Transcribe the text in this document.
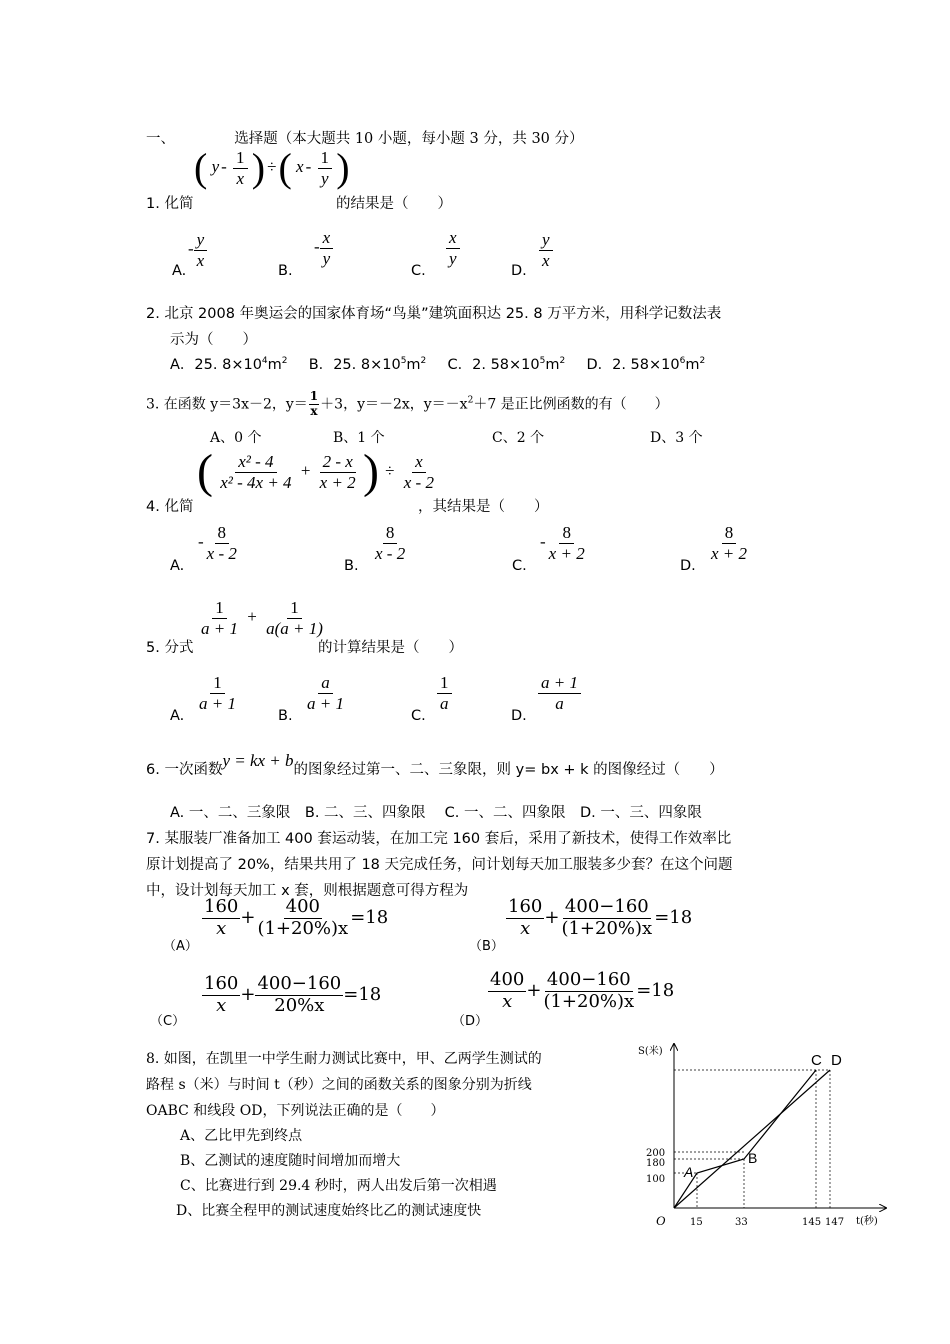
一、	选择题（本大题共 10 小题，每小题 3 分，共 30 分）
1. 化简
( y - $\frac{1}{x}$ ) ÷( x - $\frac{1}{y}$ )
的结果是（　　）
A.
- $\frac{y}{x}$
B.
- $\frac{x}{y}$
C.
$\frac{x}{y}$
D.
$\frac{y}{x}$
2. 北京 2008 年奥运会的国家体育场“鸟巢”建筑面积达 25. 8 万平方米，用科学记数法表
示为（　　）
A．25. $8\times 10^4m^2$ B．25. $8\times 10^5m^2$ C．2. $58\times 10^5m^2$ D．2. $58\times 10^6m^2$
3. 在函数 y＝3x－2，$y= \frac{1}{x} +3$，y＝－2x，$y=-x^2+7$ 是正比例函数的有（　　）
A、0 个	B、1 个	C、2 个	D、3 个
4. 化简
( $\frac{\text{x² - 4}}{\text{x² - 4x + 4}} + \frac{2 - x}{x + 2}$ ) ÷ $\frac{x}{x - 2}$
，其结果是（　　）
A.
- $\frac{8}{x - 2}$
B.
$\frac{8}{x - 2}$
C.
- $\frac{8}{x + 2}$
D.
$\frac{8}{x + 2}$
5. 分式
$\frac{1}{a + 1} + \frac{1}{a(a + 1)}$
的计算结果是（　　）
A.
$\frac{1}{a + 1}$
B.
$\frac{a}{a + 1}$
C.
$\frac{1}{a}$
D.
$\frac{a + 1}{a}$
6. 一次函数y = kx + b的图象经过第一、二、三象限，则 y= bx + k 的图像经过（　　）
A. 一、二、三象限　B. 二、三、四象限　 C. 一、二、四象限　D. 一、三、四象限
7. 某服装厂准备加工 400 套运动装，在加工完 160 套后，采用了新技术，使得工作效率比
原计划提高了 20%，结果共用了 18 天完成任务，问计划每天加工服装多少套？在这个问题
中，设计划每天加工 x 套，则根据题意可得方程为
（A）
$\frac{160}{x} + \frac{400}{(1+20\%)x} =18$
（B）
$\frac{160}{x} + \frac{400-160}{(1+20\%)x} =18$
（C）
$\frac{160}{x} + \frac{400-160}{20\%x} =18$
（D）
$\frac{400}{x} + \frac{400-160}{(1+20\%)x} =18$
8. 如图，在凯里一中学生耐力测试比赛中，甲、乙两学生测试的
路程 s（米）与时间 t（秒）之间的函数关系的图象分别为折线
OABC 和线段 OD，下列说法正确的是（　　）
A、乙比甲先到终点
B、乙测试的速度随时间增加而增大
C、比赛进行到 29.4 秒时，两人出发后第一次相遇
D、比赛全程甲的测试速度始终比乙的测试速度快
S(米)
t(秒)
200
180
100
15	33	145 147
O
A
B
C D
